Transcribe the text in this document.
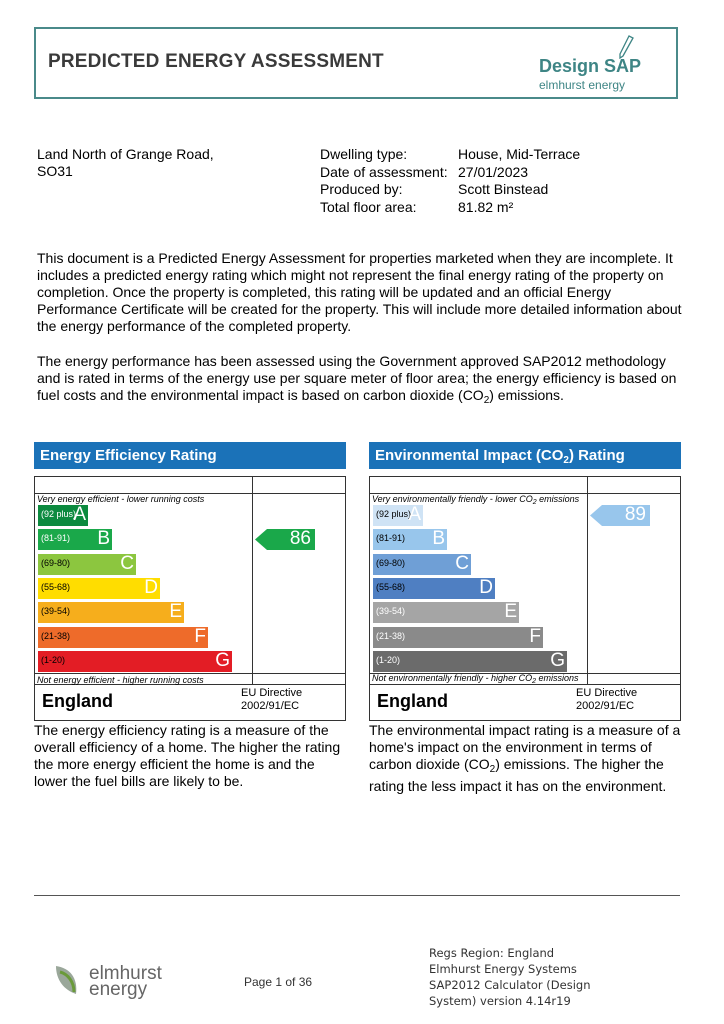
PREDICTED ENERGY ASSESSMENT	Design SAP
elmhurst energy
Land North of Grange Road,
SO31
Dwelling type:	House, Mid-Terrace
Date of assessment: 27/01/2023
Produced by:	Scott Binstead
Total floor area:	81.82 m²
This document is a Predicted Energy Assessment for properties marketed when they are incomplete. It includes a predicted energy rating which might not represent the final energy rating of the property on completion. Once the property is completed, this rating will be updated and an official Energy Performance Certificate will be created for the property. This will include more detailed information about the energy performance of the completed property.
The energy performance has been assessed using the Government approved SAP2012 methodology and is rated in terms of the energy use per square meter of floor area; the energy efficiency is based on fuel costs and the environmental impact is based on carbon dioxide $(CO_2)$ emissions.
Energy Efficiency Rating
Very energy efficient - lower running costs
(92 plus)
A
(81-91) B
(69-80)	C
(55-68)	D
(39-54)	E
(21-38)	F
(1-20)	G
86
Not energy efficient - higher running costs
England	EU Directive
2002/91/EC
The energy efficiency rating is a measure of the overall efficiency of a home. The higher the rating the more energy efficient the home is and the lower the fuel bills are likely to be.
Environmental Impact $(CO_2)$ Rating
Very environmentally friendly - lower $CO_2$ emissions
(92 plus)
A
(81-91) B
(69-80)	C
(55-68)	D
(39-54)	E
(21-38)	F
(1-20)	G
89
Not environmentally friendly - higher $CO_2$ emissions
England	EU Directive
2002/91/EC
The environmental impact rating is a measure of a home's impact on the environment in terms of carbon dioxide $(CO_2)$ emissions. The higher the rating the less impact it has on the environment.
elmhurst
energy	Page 1 of 36
Regs Region: England
Elmhurst Energy Systems
SAP2012 Calculator (Design
System) version 4.14r19
